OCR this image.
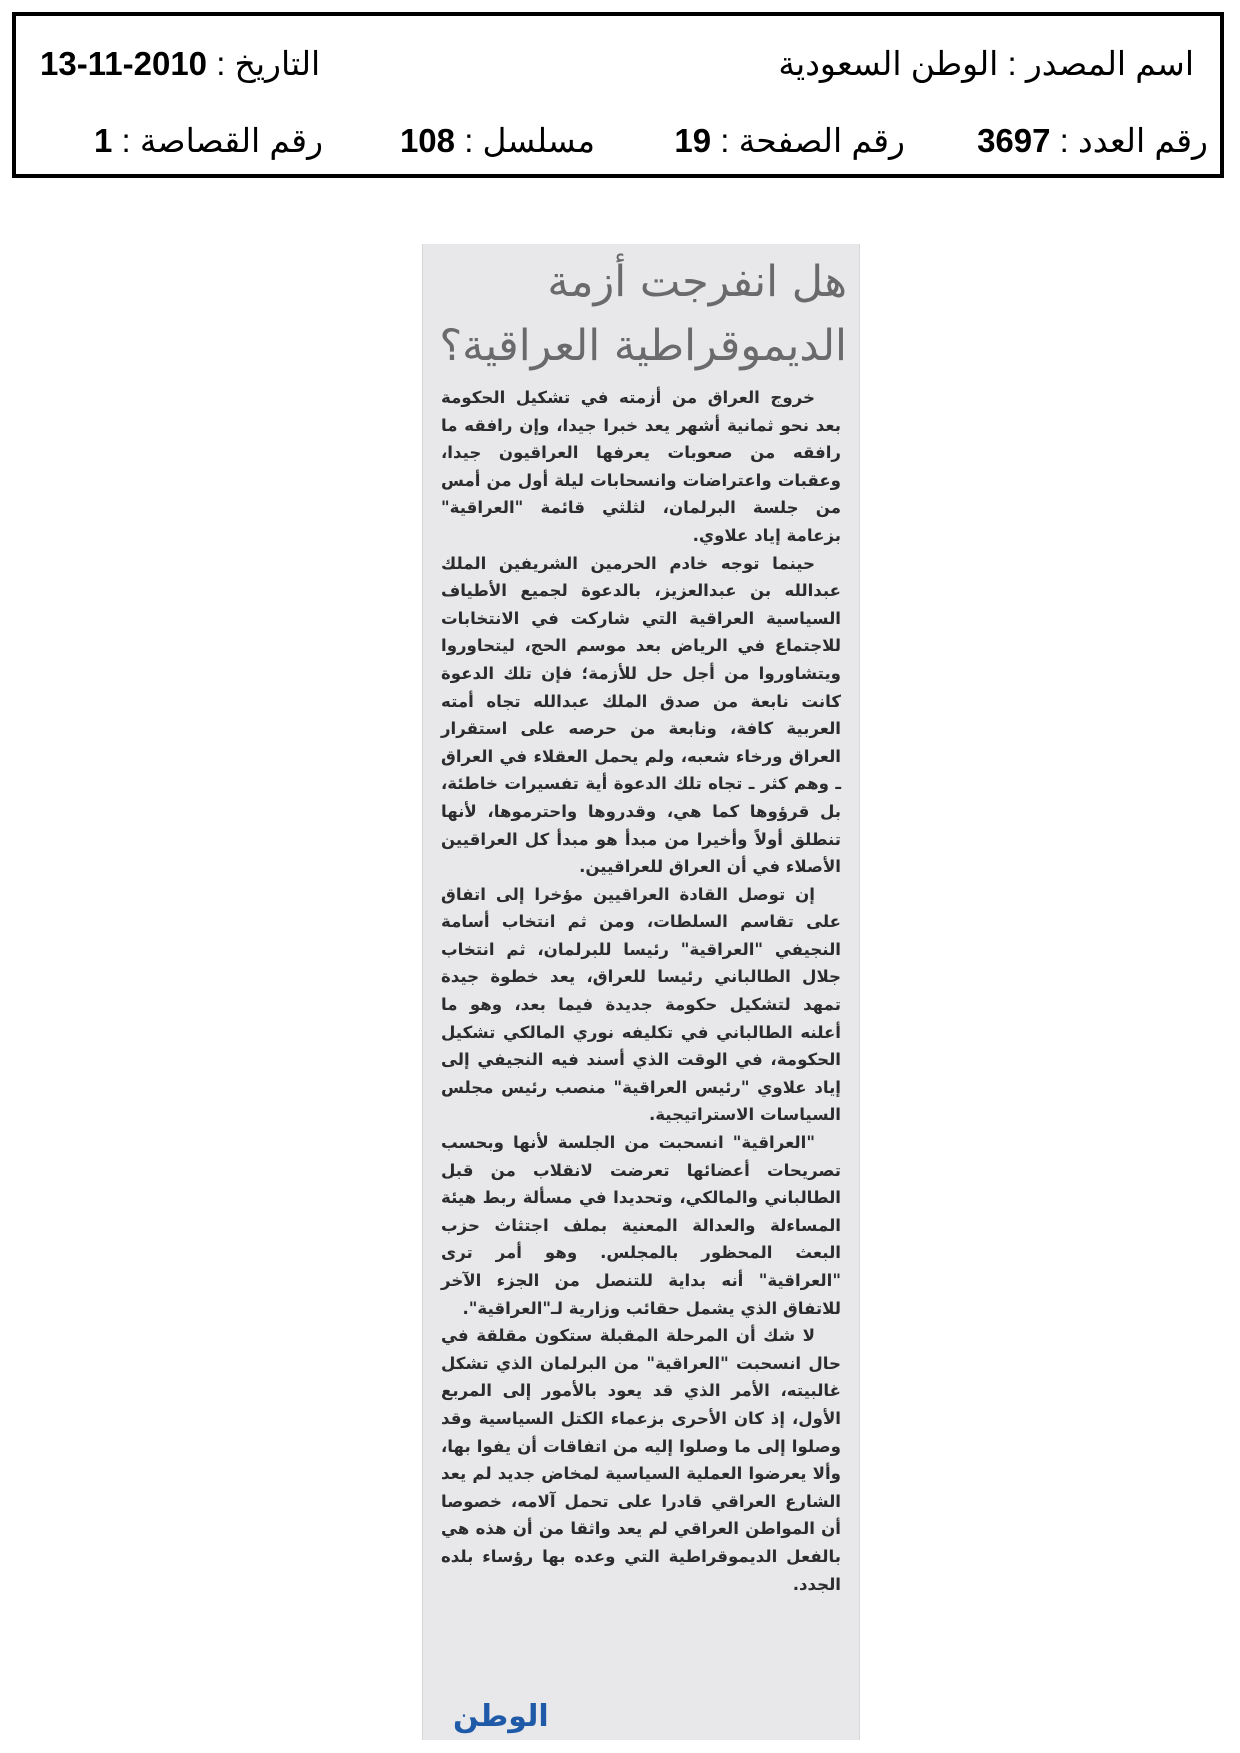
اسم المصدر : الوطن السعودية
التاريخ : 2010-11-13
رقم العدد : 3697
رقم الصفحة : 19
مسلسل : 108
رقم القصاصة : 1
هل انفرجت أزمة
الديموقراطية العراقية؟

خروج العراق من أزمته في تشكيل الحكومة بعد نحو ثمانية أشهر يعد خبرا جيدا، وإن رافقه ما رافقه من صعوبات يعرفها العراقيون جيدا، وعقبات واعتراضات وانسحابات ليلة أول من أمس من جلسة البرلمان، لثلثي قائمة "العراقية" بزعامة إياد علاوي.

حينما توجه خادم الحرمين الشريفين الملك عبدالله بن عبدالعزيز، بالدعوة لجميع الأطياف السياسية العراقية التي شاركت في الانتخابات للاجتماع في الرياض بعد موسم الحج، ليتحاوروا ويتشاوروا من أجل حل للأزمة؛ فإن تلك الدعوة كانت نابعة من صدق الملك عبدالله تجاه أمته العربية كافة، ونابعة من حرصه على استقرار العراق ورخاء شعبه، ولم يحمل العقلاء في العراق ـ وهم كثر ـ تجاه تلك الدعوة أية تفسيرات خاطئة، بل قرؤوها كما هي، وقدروها واحترموها، لأنها تنطلق أولاً وأخيرا من مبدأ هو مبدأ كل العراقيين الأصلاء في أن العراق للعراقيين.

إن توصل القادة العراقيين مؤخرا إلى اتفاق على تقاسم السلطات، ومن ثم انتخاب أسامة النجيفي "العراقية" رئيسا للبرلمان، ثم انتخاب جلال الطالباني رئيسا للعراق، يعد خطوة جيدة تمهد لتشكيل حكومة جديدة فيما بعد، وهو ما أعلنه الطالباني في تكليفه نوري المالكي تشكيل الحكومة، في الوقت الذي أسند فيه النجيفي إلى إياد علاوي "رئيس العراقية" منصب رئيس مجلس السياسات الاستراتيجية.

"العراقية" انسحبت من الجلسة لأنها وبحسب تصريحات أعضائها تعرضت لانقلاب من قبل الطالباني والمالكي، وتحديدا في مسألة ربط هيئة المساءلة والعدالة المعنية بملف اجتثاث حزب البعث المحظور بالمجلس. وهو أمر ترى "العراقية" أنه بداية للتنصل من الجزء الآخر للاتفاق الذي يشمل حقائب وزارية لـ"العراقية".

لا شك أن المرحلة المقبلة ستكون مقلقة في حال انسحبت "العراقية" من البرلمان الذي تشكل غالبيته، الأمر الذي قد يعود بالأمور إلى المربع الأول، إذ كان الأحرى بزعماء الكتل السياسية وقد وصلوا إلى ما وصلوا إليه من اتفاقات أن يفوا بها، وألا يعرضوا العملية السياسية لمخاض جديد لم يعد الشارع العراقي قادرا على تحمل آلامه، خصوصا أن المواطن العراقي لم يعد واثقا من أن هذه هي بالفعل الديموقراطية التي وعده بها رؤساء بلده الجدد.

الوطن
